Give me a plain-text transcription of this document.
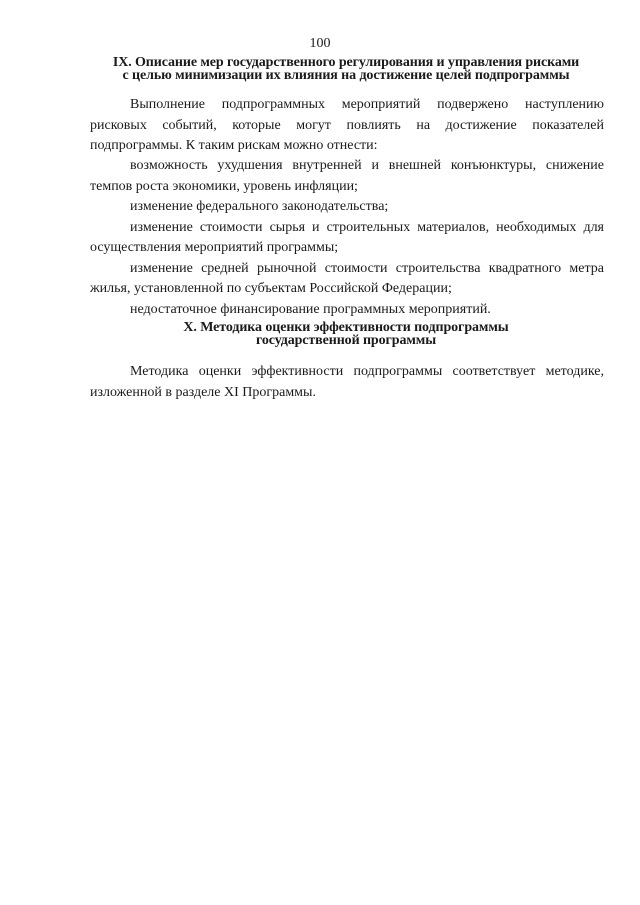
100
IX. Описание мер государственного регулирования и управления рисками
с целью минимизации их влияния на достижение целей подпрограммы

Выполнение подпрограммных мероприятий подвержено наступлению рисковых событий, которые могут повлиять на достижение показателей подпрограммы. К таким рискам можно отнести:

возможность ухудшения внутренней и внешней конъюнктуры, снижение темпов роста экономики, уровень инфляции;
изменение федерального законодательства;
изменение стоимости сырья и строительных материалов, необходимых для осуществления мероприятий программы;
изменение средней рыночной стоимости строительства квадратного метра жилья, установленной по субъектам Российской Федерации;
недостаточное финансирование программных мероприятий.
X. Методика оценки эффективности подпрограммы
государственной программы

Методика оценки эффективности подпрограммы соответствует методике, изложенной в разделе XI Программы.
